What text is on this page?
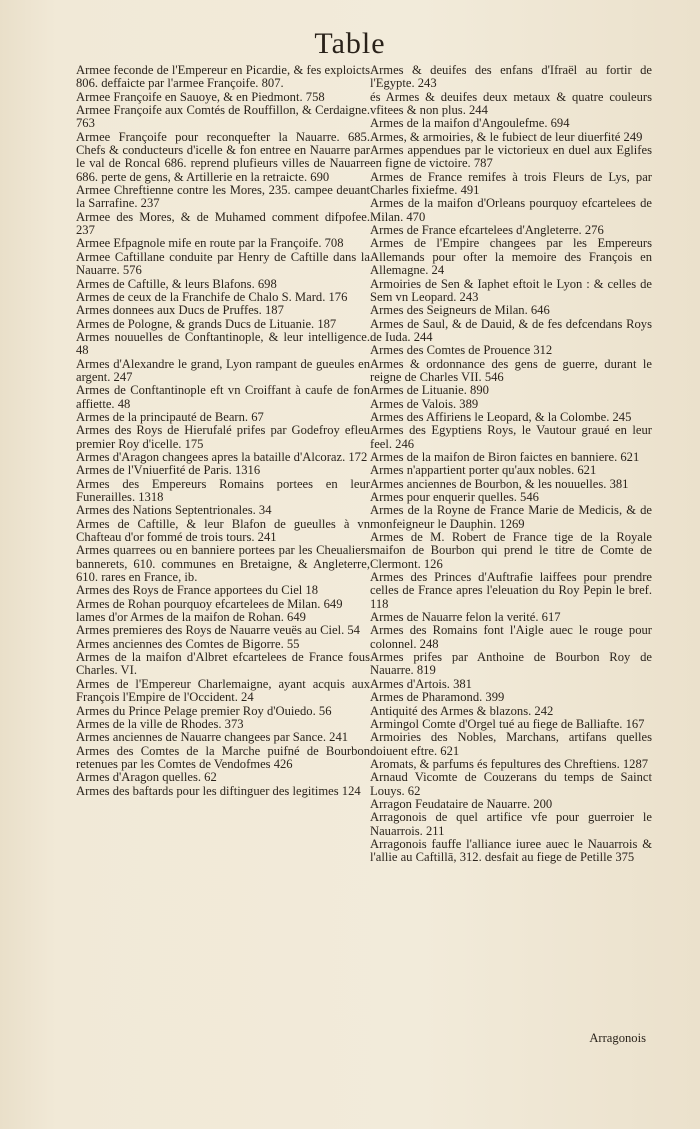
Table

Armee feconde de l'Empereur en Picardie, & fes exploicts 806. deffaicte par l'armee Françoife. 807.

Armee Françoife en Sauoye, & en Piedmont. 758

Armee Françoife aux Comtés de Rouffillon, & Cerdaigne. 763

Armee Françoife pour reconquefter la Nauarre. 685. Chefs & conducteurs d'icelle & fon entree en Nauarre par le val de Roncal 686. reprend plufieurs villes de Nauarre 686. perte de gens, & Artillerie en la retraicte. 690

Armee Chreftienne contre les Mores, 235. campee deuant la Sarrafine. 237

Armee des Mores, & de Muhamed comment difpofee. 237

Armee Efpagnole mife en route par la Françoife. 708

Armee Caftillane conduite par Henry de Caftille dans la Nauarre. 576

Armes de Caftille, & leurs Blafons. 698

Armes de ceux de la Franchife de Chalo S. Mard. 176

Armes donnees aux Ducs de Pruffes. 187

Armes de Pologne, & grands Ducs de Lituanie. 187

Armes nouuelles de Conftantinople, & leur intelligence. 48

Armes d'Alexandre le grand, Lyon rampant de gueules en argent. 247

Armes de Conftantinople eft vn Croiffant à caufe de fon affiette. 48

Armes de la principauté de Bearn. 67

Armes des Roys de Hierufalé prifes par Godefroy efleu premier Roy d'icelle. 175

Armes d'Aragon changees apres la bataille d'Alcoraz. 172

Armes de l'Vniuerfité de Paris. 1316

Armes des Empereurs Romains portees en leur Funerailles. 1318

Armes des Nations Septentrionales. 34

Armes de Caftille, & leur Blafon de gueulles à vn Chafteau d'or fommé de trois tours. 241

Armes quarrees ou en banniere portees par les Cheualiers bannerets, 610. communes en Bretaigne, & Angleterre, 610. rares en France, ib.

Armes des Roys de France apportees du Ciel 18

Armes de Rohan pourquoy efcartelees de Milan. 649

lames d'or Armes de la maifon de Rohan. 649

Armes premieres des Roys de Nauarre veuës au Ciel. 54

Armes anciennes des Comtes de Bigorre. 55

Armes de la maifon d'Albret efcartelees de France fous Charles. VI.

Armes de l'Empereur Charlemaigne, ayant acquis aux François l'Empire de l'Occident. 24

Armes du Prince Pelage premier Roy d'Ouiedo. 56

Armes de la ville de Rhodes. 373

Armes anciennes de Nauarre changees par Sance. 241

Armes des Comtes de la Marche puifné de Bourbon retenues par les Comtes de Vendofmes 426

Armes d'Aragon quelles. 62

Armes des baftards pour les diftinguer des legitimes 124

Armes & deuifes des enfans d'Ifraël au fortir de l'Egypte. 243

és Armes & deuifes deux metaux & quatre couleurs vfitees & non plus. 244

Armes de la maifon d'Angoulefme. 694

Armes, & armoiries, & le fubiect de leur diuerfité 249

Armes appendues par le victorieux en duel aux Eglifes en figne de victoire. 787

Armes de France remifes à trois Fleurs de Lys, par Charles fixiefme. 491

Armes de la maifon d'Orleans pourquoy efcartelees de Milan. 470

Armes de France efcartelees d'Angleterre. 276

Armes de l'Empire changees par les Empereurs Allemands pour ofter la memoire des François en Allemagne. 24

Armoiries de Sen & Iaphet eftoit le Lyon : & celles de Sem vn Leopard. 243

Armes des Seigneurs de Milan. 646

Armes de Saul, & de Dauid, & de fes defcendans Roys de Iuda. 244

Armes des Comtes de Prouence 312

Armes & ordonnance des gens de guerre, durant le reigne de Charles VII. 546

Armes de Lituanie. 890

Armes de Valois. 389

Armes des Affiriens le Leopard, & la Colombe. 245

Armes des Egyptiens Roys, le Vautour graué en leur feel. 246

Armes de la maifon de Biron faictes en banniere. 621

Armes n'appartient porter qu'aux nobles. 621

Armes anciennes de Bourbon, & les nouuelles. 381

Armes pour enquerir quelles. 546

Armes de la Royne de France Marie de Medicis, & de monfeigneur le Dauphin. 1269

Armes de M. Robert de France tige de la Royale maifon de Bourbon qui prend le titre de Comte de Clermont. 126

Armes des Princes d'Auftrafie laiffees pour prendre celles de France apres l'eleuation du Roy Pepin le bref. 118

Armes de Nauarre felon la verité. 617

Armes des Romains font l'Aigle auec le rouge pour colonnel. 248

Armes prifes par Anthoine de Bourbon Roy de Nauarre. 819

Armes d'Artois. 381

Armes de Pharamond. 399

Antiquité des Armes & blazons. 242

Armingol Comte d'Orgel tué au fiege de Balliafte. 167

Armoiries des Nobles, Marchans, artifans quelles doiuent eftre. 621

Aromats, & parfums és fepultures des Chreftiens. 1287

Arnaud Vicomte de Couzerans du temps de Sainct Louys. 62

Arragon Feudataire de Nauarre. 200

Arragonois de quel artifice vfe pour guerroier le Nauarrois. 211

Arragonois fauffe l'alliance iuree auec le Nauarrois & l'allie au Caftillā, 312. desfait au fiege de Petille 375

Arragonois
